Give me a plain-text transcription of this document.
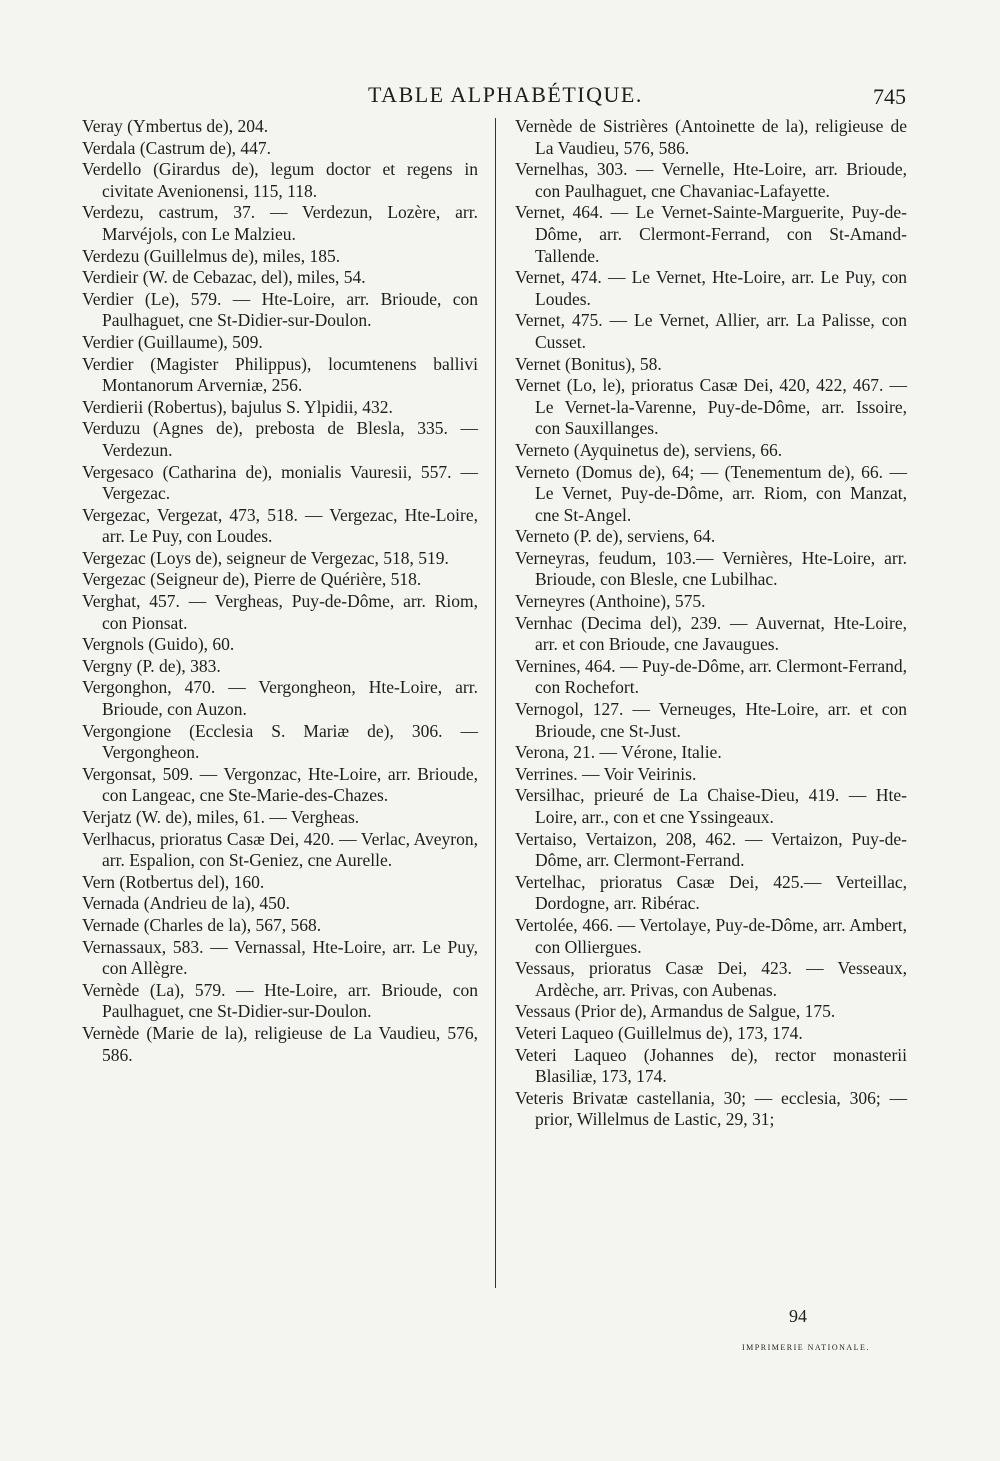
TABLE ALPHABÉTIQUE.	745

Veray (Ymbertus de), 204.

Verdala (Castrum de), 447.

Verdello (Girardus de), legum doctor et regens in civitate Avenionensi, 115, 118.

Verdezu, castrum, 37. — Verdezun, Lozère, arr. Marvéjols, con Le Malzieu.

Verdezu (Guillelmus de), miles, 185.

Verdieir (W. de Cebazac, del), miles, 54.

Verdier (Le), 579. — Hte-Loire, arr. Brioude, con Paulhaguet, cne St-Didier-sur-Doulon.

Verdier (Guillaume), 509.

Verdier (Magister Philippus), locumtenens ballivi Montanorum Arverniæ, 256.

Verdierii (Robertus), bajulus S. Ylpidii, 432.

Verduzu (Agnes de), prebosta de Blesla, 335. — Verdezun.

Vergesaco (Catharina de), monialis Vauresii, 557. — Vergezac.

Vergezac, Vergezat, 473, 518. — Vergezac, Hte-Loire, arr. Le Puy, con Loudes.

Vergezac (Loys de), seigneur de Vergezac, 518, 519.

Vergezac (Seigneur de), Pierre de Quérière, 518.

Verghat, 457. — Vergheas, Puy-de-Dôme, arr. Riom, con Pionsat.

Vergnols (Guido), 60.

Vergny (P. de), 383.

Vergonghon, 470. — Vergongheon, Hte-Loire, arr. Brioude, con Auzon.

Vergongione (Ecclesia S. Mariæ de), 306. — Vergongheon.

Vergonsat, 509. — Vergonzac, Hte-Loire, arr. Brioude, con Langeac, cne Ste-Marie-des-Chazes.

Verjatz (W. de), miles, 61. — Vergheas.

Verlhacus, prioratus Casæ Dei, 420. — Verlac, Aveyron, arr. Espalion, con St-Geniez, cne Aurelle.

Vern (Rotbertus del), 160.

Vernada (Andrieu de la), 450.

Vernade (Charles de la), 567, 568.

Vernassaux, 583. — Vernassal, Hte-Loire, arr. Le Puy, con Allègre.

Vernède (La), 579. — Hte-Loire, arr. Brioude, con Paulhaguet, cne St-Didier-sur-Doulon.

Vernède (Marie de la), religieuse de La Vaudieu, 576, 586.

Vernède de Sistrières (Antoinette de la), religieuse de La Vaudieu, 576, 586.

Vernelhas, 303. — Vernelle, Hte-Loire, arr. Brioude, con Paulhaguet, cne Chavaniac-Lafayette.

Vernet, 464. — Le Vernet-Sainte-Marguerite, Puy-de-Dôme, arr. Clermont-Ferrand, con St-Amand-Tallende.

Vernet, 474. — Le Vernet, Hte-Loire, arr. Le Puy, con Loudes.

Vernet, 475. — Le Vernet, Allier, arr. La Palisse, con Cusset.

Vernet (Bonitus), 58.

Vernet (Lo, le), prioratus Casæ Dei, 420, 422, 467. — Le Vernet-la-Varenne, Puy-de-Dôme, arr. Issoire, con Sauxillanges.

Verneto (Ayquinetus de), serviens, 66.

Verneto (Domus de), 64; — (Tenementum de), 66. — Le Vernet, Puy-de-Dôme, arr. Riom, con Manzat, cne St-Angel.

Verneto (P. de), serviens, 64.

Verneyras, feudum, 103.— Vernières, Hte-Loire, arr. Brioude, con Blesle, cne Lubilhac.

Verneyres (Anthoine), 575.

Vernhac (Decima del), 239. — Auvernat, Hte-Loire, arr. et con Brioude, cne Javaugues.

Vernines, 464. — Puy-de-Dôme, arr. Clermont-Ferrand, con Rochefort.

Vernogol, 127. — Verneuges, Hte-Loire, arr. et con Brioude, cne St-Just.

Verona, 21. — Vérone, Italie.

Verrines. — Voir Veirinis.

Versilhac, prieuré de La Chaise-Dieu, 419. — Hte-Loire, arr., con et cne Yssingeaux.

Vertaiso, Vertaizon, 208, 462. — Vertaizon, Puy-de-Dôme, arr. Clermont-Ferrand.

Vertelhac, prioratus Casæ Dei, 425.— Verteillac, Dordogne, arr. Ribérac.

Vertolée, 466. — Vertolaye, Puy-de-Dôme, arr. Ambert, con Olliergues.

Vessaus, prioratus Casæ Dei, 423. — Vesseaux, Ardèche, arr. Privas, con Aubenas.

Vessaus (Prior de), Armandus de Salgue, 175.

Veteri Laqueo (Guillelmus de), 173, 174.

Veteri Laqueo (Johannes de), rector monasterii Blasiliæ, 173, 174.

Veteris Brivatæ castellania, 30; — ecclesia, 306; — prior, Willelmus de Lastic, 29, 31;

94
IMPRIMERIE NATIONALE.
